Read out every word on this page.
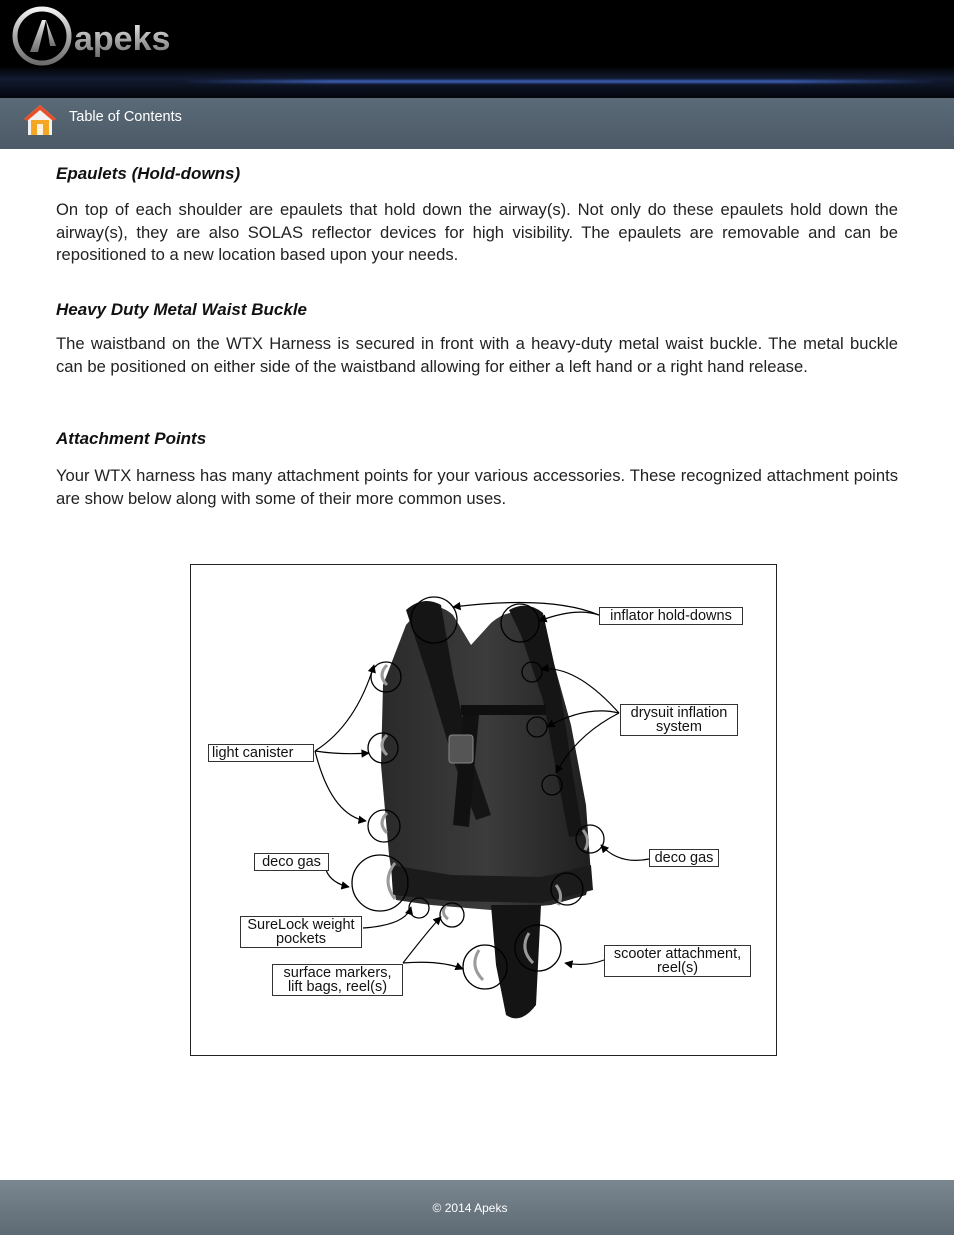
apeks
Table of Contents
Epaulets (Hold-downs)

On top of each shoulder are epaulets that hold down the airway(s). Not only do these epaulets hold down the airway(s), they are also SOLAS reflector devices for high visibility. The epaulets are removable and can be repositioned to a new location based upon your needs.

Heavy Duty Metal Waist Buckle

The waistband on the WTX Harness is secured in front with a heavy-duty metal waist buckle. The metal buckle can be positioned on either side of the waistband allowing for either a left hand or a right hand release.

Attachment Points

Your WTX harness has many attachment points for your various accessories. These recognized attachment points are show below along with some of their more common uses.

inflator hold-downs
drysuit inflation system
light canister
deco gas	deco gas
SureLock weight pockets
surface markers, lift bags, reel(s)
scooter attachment, reel(s)
© 2014 Apeks
